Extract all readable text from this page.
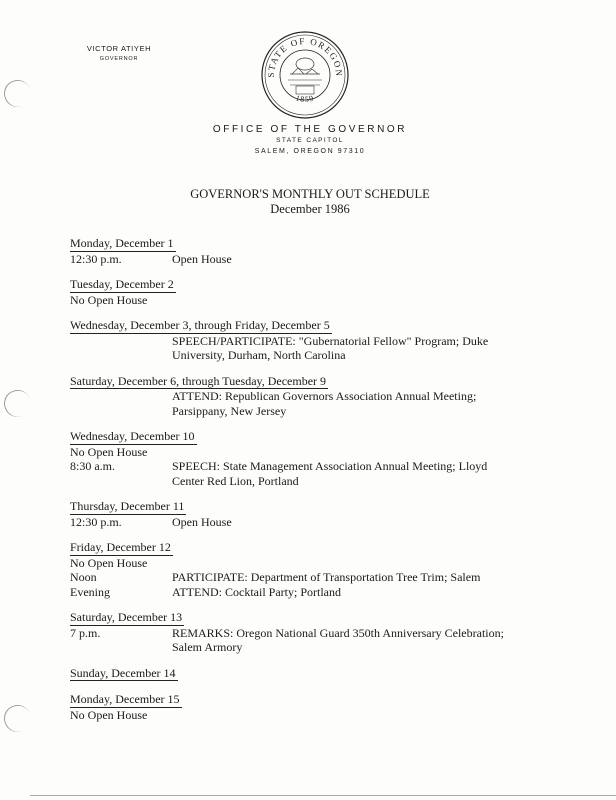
VICTOR ATIYEH
GOVERNOR
STATE OF OREGON
1859
OFFICE OF THE GOVERNOR
STATE CAPITOL
SALEM, OREGON 97310
GOVERNOR'S MONTHLY OUT SCHEDULE
December 1986
Monday, December 1
12:30 p.m.	Open House
Tuesday, December 2
No Open House
Wednesday, December 3, through Friday, December 5
SPEECH/PARTICIPATE: "Gubernatorial Fellow" Program; Duke
University, Durham, North Carolina
Saturday, December 6, through Tuesday, December 9
ATTEND: Republican Governors Association Annual Meeting;
Parsippany, New Jersey
Wednesday, December 10
No Open House
8:30 a.m.	SPEECH: State Management Association Annual Meeting; Lloyd
Center Red Lion, Portland
Thursday, December 11
12:30 p.m.	Open House
Friday, December 12
No Open House
Noon	PARTICIPATE: Department of Transportation Tree Trim; Salem
Evening	ATTEND: Cocktail Party; Portland
Saturday, December 13
7 p.m.	REMARKS: Oregon National Guard 350th Anniversary Celebration;
Salem Armory
Sunday, December 14
Monday, December 15
No Open House
